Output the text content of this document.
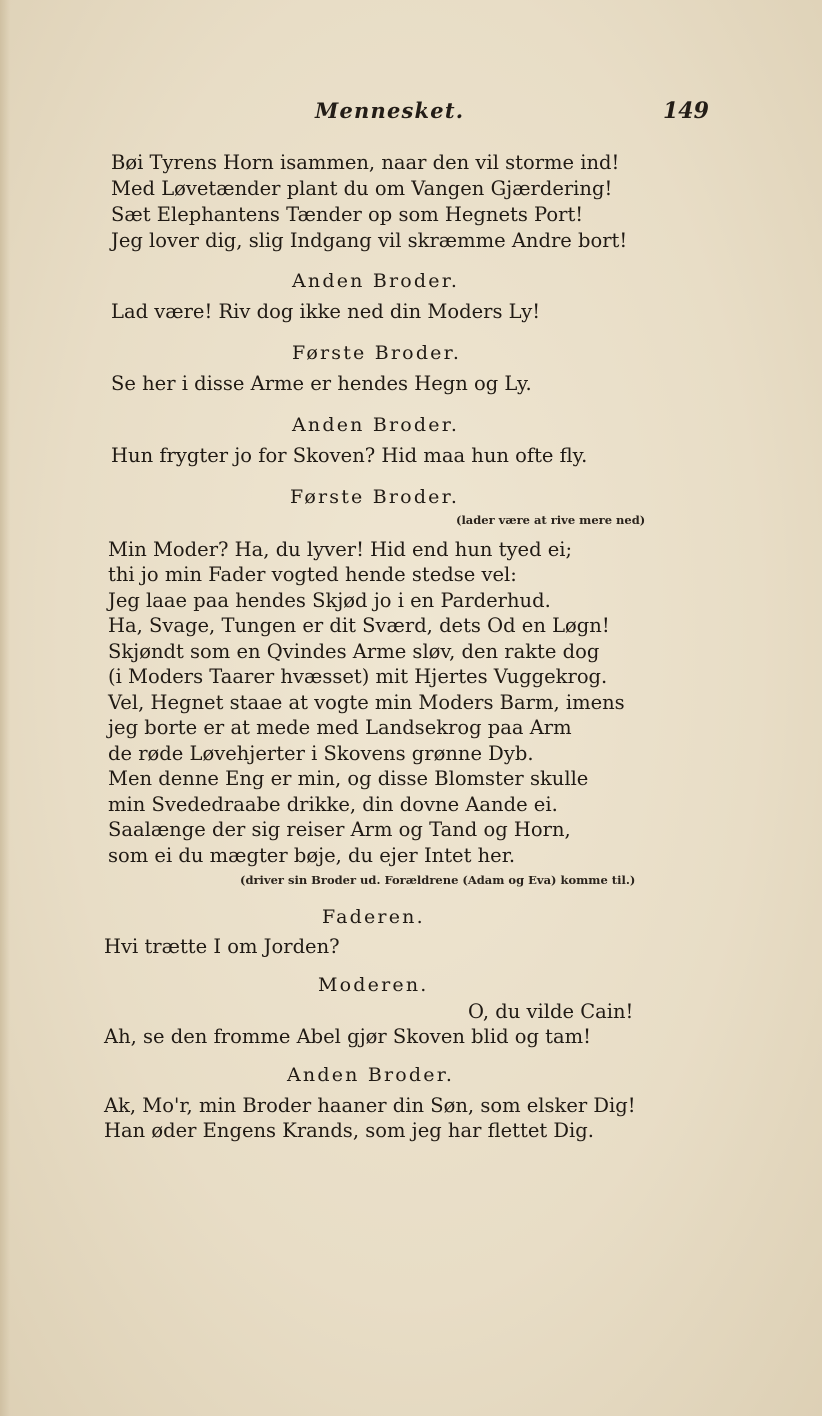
Mennesket.	149
Bøi Tyrens Horn isammen, naar den vil storme ind!
Med Løvetænder plant du om Vangen Gjærdering!
Sæt Elephantens Tænder op som Hegnets Port!
Jeg lover dig, slig Indgang vil skræmme Andre bort!
Anden Broder.
Lad være! Riv dog ikke ned din Moders Ly!
Første Broder.
Se her i disse Arme er hendes Hegn og Ly.
Anden Broder.
Hun frygter jo for Skoven? Hid maa hun ofte fly.
Første Broder.
(lader være at rive mere ned)
Min Moder? Ha, du lyver! Hid end hun tyed ei;
thi jo min Fader vogted hende stedse vel:
Jeg laae paa hendes Skjød jo i en Parderhud.
Ha, Svage, Tungen er dit Sværd, dets Od en Løgn!
Skjøndt som en Qvindes Arme sløv, den rakte dog
(i Moders Taarer hvæsset) mit Hjertes Vuggekrog.
Vel, Hegnet staae at vogte min Moders Barm, imens
jeg borte er at mede med Landsekrog paa Arm
de røde Løvehjerter i Skovens grønne Dyb.
Men denne Eng er min, og disse Blomster skulle
min Svededraabe drikke, din dovne Aande ei.
Saalænge der sig reiser Arm og Tand og Horn,
som ei du mægter bøje, du ejer Intet her.
(driver sin Broder ud. Forældrene (Adam og Eva) komme til.)
Faderen.
Hvi trætte I om Jorden?
Moderen.
O, du vilde Cain!
Ah, se den fromme Abel gjør Skoven blid og tam!
Anden Broder.
Ak, Mo'r, min Broder haaner din Søn, som elsker Dig!
Han øder Engens Krands, som jeg har flettet Dig.
